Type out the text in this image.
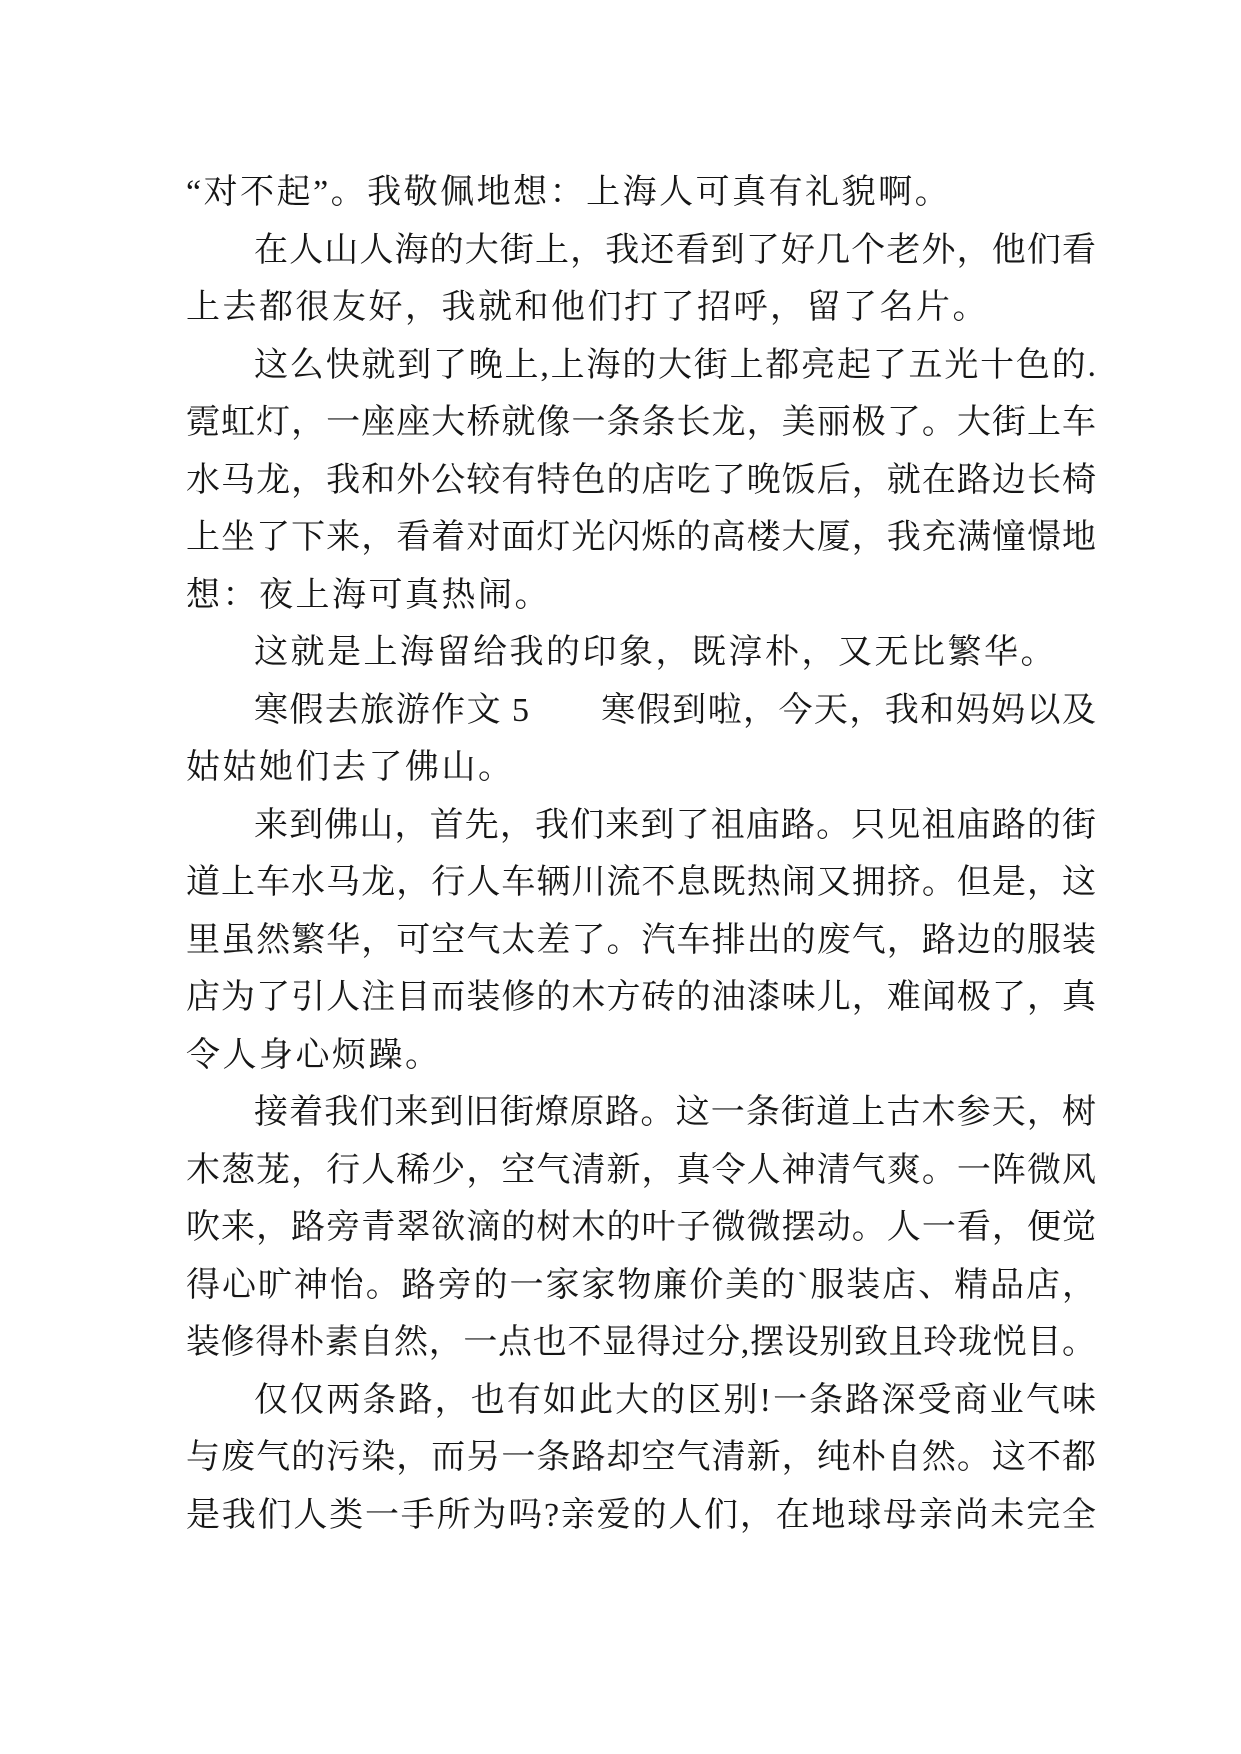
“对不起”。我敬佩地想：上海人可真有礼貌啊。
在人山人海的大街上，我还看到了好几个老外，他们看
上去都很友好，我就和他们打了招呼，留了名片。
这么快就到了晚上,上海的大街上都亮起了五光十色的.
霓虹灯，一座座大桥就像一条条长龙，美丽极了。大街上车
水马龙，我和外公较有特色的店吃了晚饭后，就在路边长椅
上坐了下来，看着对面灯光闪烁的高楼大厦，我充满憧憬地
想：夜上海可真热闹。
这就是上海留给我的印象，既淳朴，又无比繁华。
寒假去旅游作文 5　　寒假到啦，今天，我和妈妈以及
姑姑她们去了佛山。
来到佛山，首先，我们来到了祖庙路。只见祖庙路的街
道上车水马龙，行人车辆川流不息既热闹又拥挤。但是，这
里虽然繁华，可空气太差了。汽车排出的废气，路边的服装
店为了引人注目而装修的木方砖的油漆味儿，难闻极了，真
令人身心烦躁。
接着我们来到旧街燎原路。这一条街道上古木参天，树
木葱茏，行人稀少，空气清新，真令人神清气爽。一阵微风
吹来，路旁青翠欲滴的树木的叶子微微摆动。人一看，便觉
得心旷神怡。路旁的一家家物廉价美的`服装店、精品店，
装修得朴素自然，一点也不显得过分,摆设别致且玲珑悦目。
仅仅两条路，也有如此大的区别!一条路深受商业气味
与废气的污染，而另一条路却空气清新，纯朴自然。这不都
是我们人类一手所为吗?亲爱的人们，在地球母亲尚未完全
